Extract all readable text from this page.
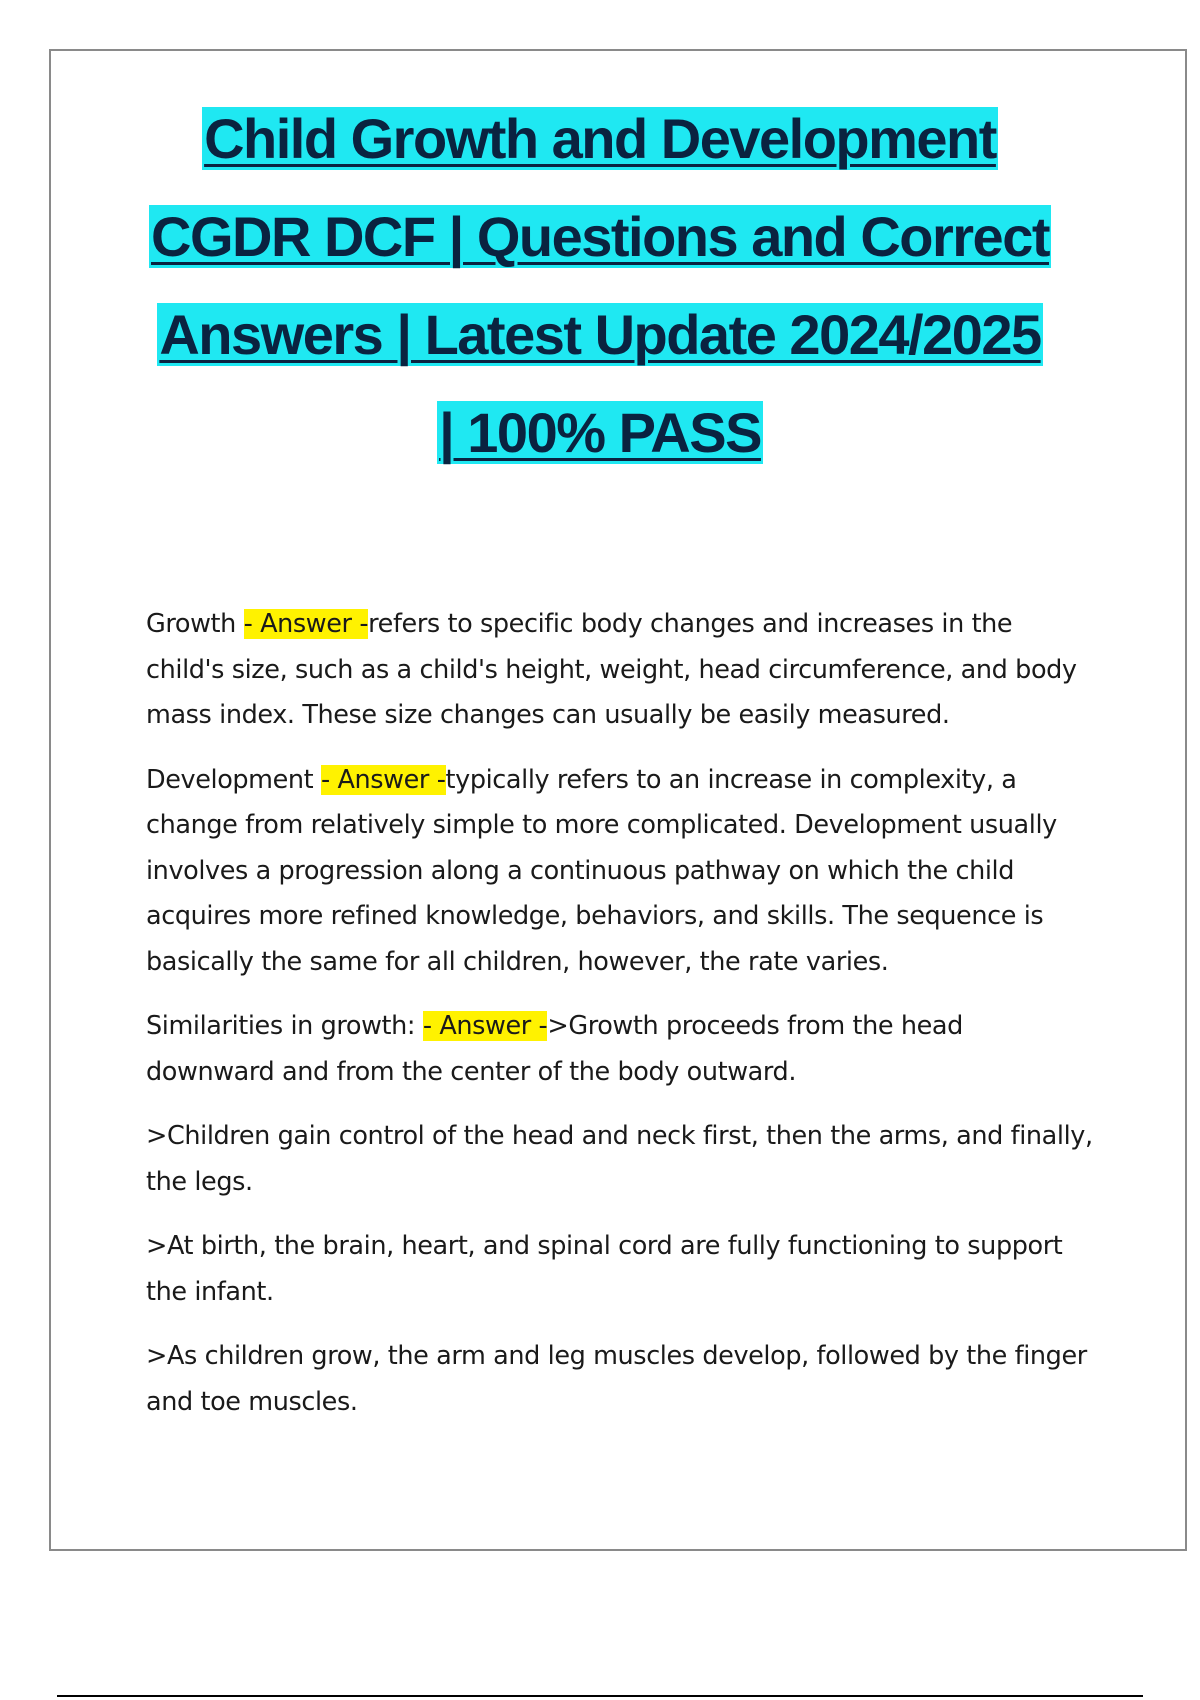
Child Growth and Development
CGDR DCF | Questions and Correct
Answers | Latest Update 2024/2025
| 100% PASS

Growth - Answer -refers to specific body changes and increases in the child's size, such as a child's height, weight, head circumference, and body mass index. These size changes can usually be easily measured.

Development - Answer -typically refers to an increase in complexity, a change from relatively simple to more complicated. Development usually involves a progression along a continuous pathway on which the child acquires more refined knowledge, behaviors, and skills. The sequence is basically the same for all children, however, the rate varies.

Similarities in growth: - Answer ->Growth proceeds from the head downward and from the center of the body outward.

>Children gain control of the head and neck first, then the arms, and finally, the legs.

>At birth, the brain, heart, and spinal cord are fully functioning to support the infant.

>As children grow, the arm and leg muscles develop, followed by the finger and toe muscles.
